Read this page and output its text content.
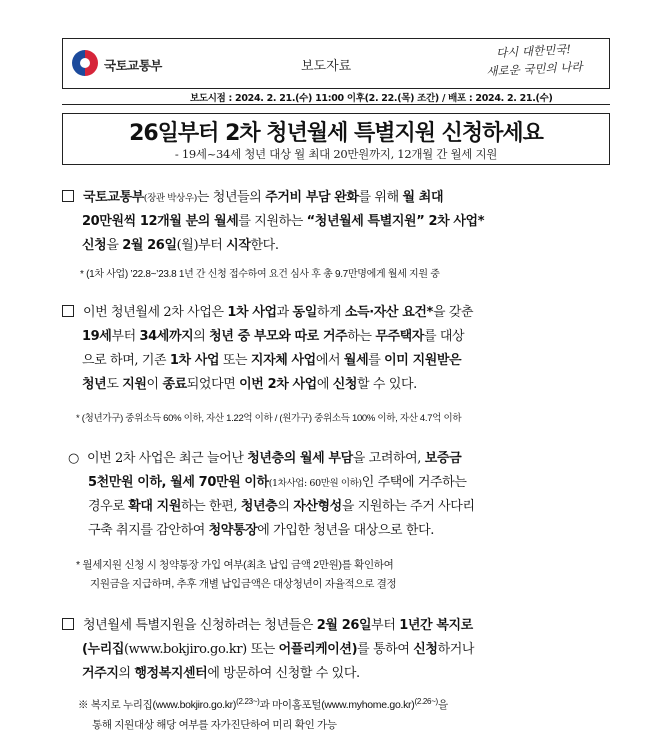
국토교통부	보도자료
다시 대한민국!
새로운 국민의 나라
보도시점 : 2024. 2. 21.(수) 11:00 이후(2. 22.(목) 조간) / 배포 : 2024. 2. 21.(수)
26일부터 2차 청년월세 특별지원 신청하세요
- 19세~34세 청년 대상 월 최대 20만원까지, 12개월 간 월세 지원
국토교통부(장관 박상우)는 청년들의 주거비 부담 완화를 위해 월 최대
20만원씩 12개월 분의 월세를 지원하는 “청년월세 특별지원” 2차 사업*
신청을 2월 26일(월)부터 시작한다.
* (1차 사업) ’22.8~’23.8 1년 간 신청 접수하여 요건 심사 후 총 9.7만명에게 월세 지원 중
이번 청년월세 2차 사업은 1차 사업과 동일하게 소득·자산 요건*을 갖춘
19세부터 34세까지의 청년 중 부모와 따로 거주하는 무주택자를 대상
으로 하며, 기존 1차 사업 또는 지자체 사업에서 월세를 이미 지원받은
청년도 지원이 종료되었다면 이번 2차 사업에 신청할 수 있다.
* (청년가구) 중위소득 60% 이하, 자산 1.22억 이하 / (원가구) 중위소득 100% 이하, 자산 4.7억 이하
○ 이번 2차 사업은 최근 늘어난 청년층의 월세 부담을 고려하여, 보증금
5천만원 이하, 월세 70만원 이하(1차사업: 60만원 이하)인 주택에 거주하는
경우로 확대 지원하는 한편, 청년층의 자산형성을 지원하는 주거 사다리
구축 취지를 감안하여 청약통장에 가입한 청년을 대상으로 한다.
* 월세지원 신청 시 청약통장 가입 여부(최초 납입 금액 2만원)를 확인하여
지원금을 지급하며, 추후 개별 납입금액은 대상청년이 자율적으로 결정
청년월세 특별지원을 신청하려는 청년들은 2월 26일부터 1년간 복지로
(누리집(www.bokjiro.go.kr) 또는 어플리케이션)를 통하여 신청하거나
거주지의 행정복지센터에 방문하여 신청할 수 있다.
※ 복지로 누리집(www.bokjiro.go.kr)$^{(2.23\sim)}$과 마이홈포털(www.myhome.go.kr)$^{(2.26\sim)}$을
통해 지원대상 해당 여부를 자가진단하여 미리 확인 가능
